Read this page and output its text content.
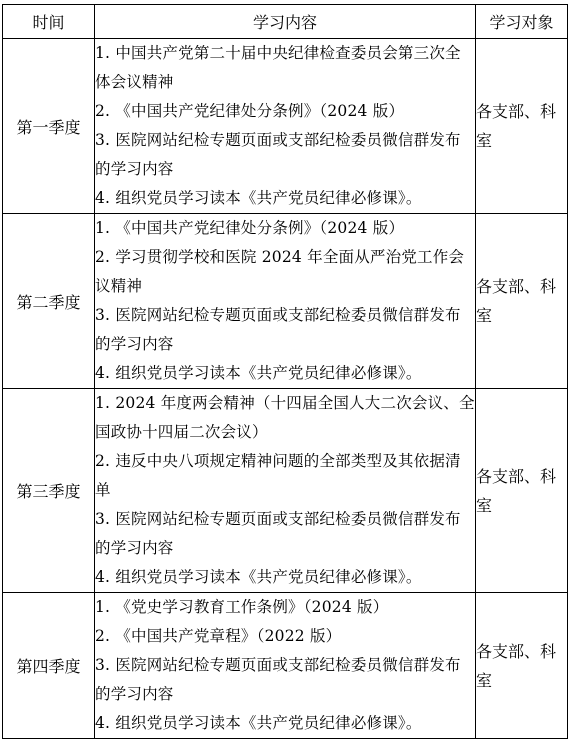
时间	学习内容	学习对象
第一季度	1. 中国共产党第二十届中央纪律检查委员会第三次全体会议精神
2. 《中国共产党纪律处分条例》（2024 版）
3. 医院网站纪检专题页面或支部纪检委员微信群发布的学习内容
4. 组织党员学习读本《共产党员纪律必修课》。	各支部、科室
第二季度	1. 《中国共产党纪律处分条例》（2024 版）
2. 学习贯彻学校和医院 2024 年全面从严治党工作会议精神
3. 医院网站纪检专题页面或支部纪检委员微信群发布的学习内容
4. 组织党员学习读本《共产党员纪律必修课》。	各支部、科室
第三季度	1. 2024 年度两会精神（十四届全国人大二次会议、全国政协十四届二次会议）
2. 违反中央八项规定精神问题的全部类型及其依据清单
3. 医院网站纪检专题页面或支部纪检委员微信群发布的学习内容
4. 组织党员学习读本《共产党员纪律必修课》。	各支部、科室
第四季度	1. 《党史学习教育工作条例》（2024 版）
2. 《中国共产党章程》（2022 版）
3. 医院网站纪检专题页面或支部纪检委员微信群发布的学习内容
4. 组织党员学习读本《共产党员纪律必修课》。	各支部、科室
